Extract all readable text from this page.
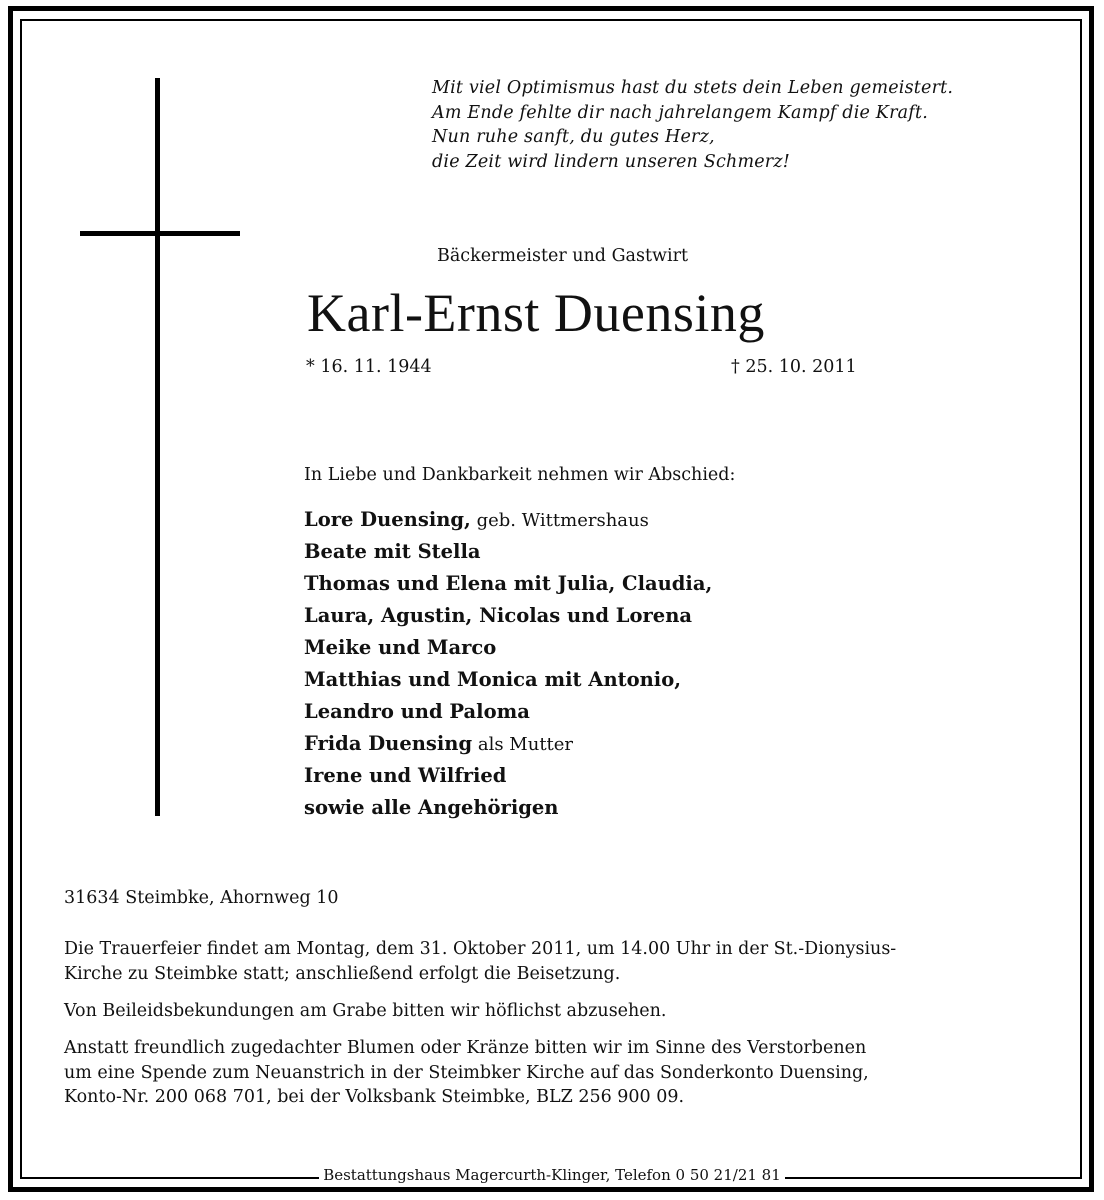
Mit viel Optimismus hast du stets dein Leben gemeistert.
Am Ende fehlte dir nach jahrelangem Kampf die Kraft.
Nun ruhe sanft, du gutes Herz,
die Zeit wird lindern unseren Schmerz!
Bäckermeister und Gastwirt
Karl-Ernst Duensing
* 16. 11. 1944	† 25. 10. 2011
In Liebe und Dankbarkeit nehmen wir Abschied:
Lore Duensing, geb. Wittmershaus
Beate mit Stella
Thomas und Elena mit Julia, Claudia,
Laura, Agustin, Nicolas und Lorena
Meike und Marco
Matthias und Monica mit Antonio,
Leandro und Paloma
Frida Duensing als Mutter
Irene und Wilfried
sowie alle Angehörigen
31634 Steimbke, Ahornweg 10
Die Trauerfeier findet am Montag, dem 31. Oktober 2011, um 14.00 Uhr in der St.-Dionysius-
Kirche zu Steimbke statt; anschließend erfolgt die Beisetzung.
Von Beileidsbekundungen am Grabe bitten wir höflichst abzusehen.
Anstatt freundlich zugedachter Blumen oder Kränze bitten wir im Sinne des Verstorbenen
um eine Spende zum Neuanstrich in der Steimbker Kirche auf das Sonderkonto Duensing,
Konto-Nr. 200 068 701, bei der Volksbank Steimbke, BLZ 256 900 09.
Bestattungshaus Magercurth-Klinger, Telefon 0 50 21/21 81
